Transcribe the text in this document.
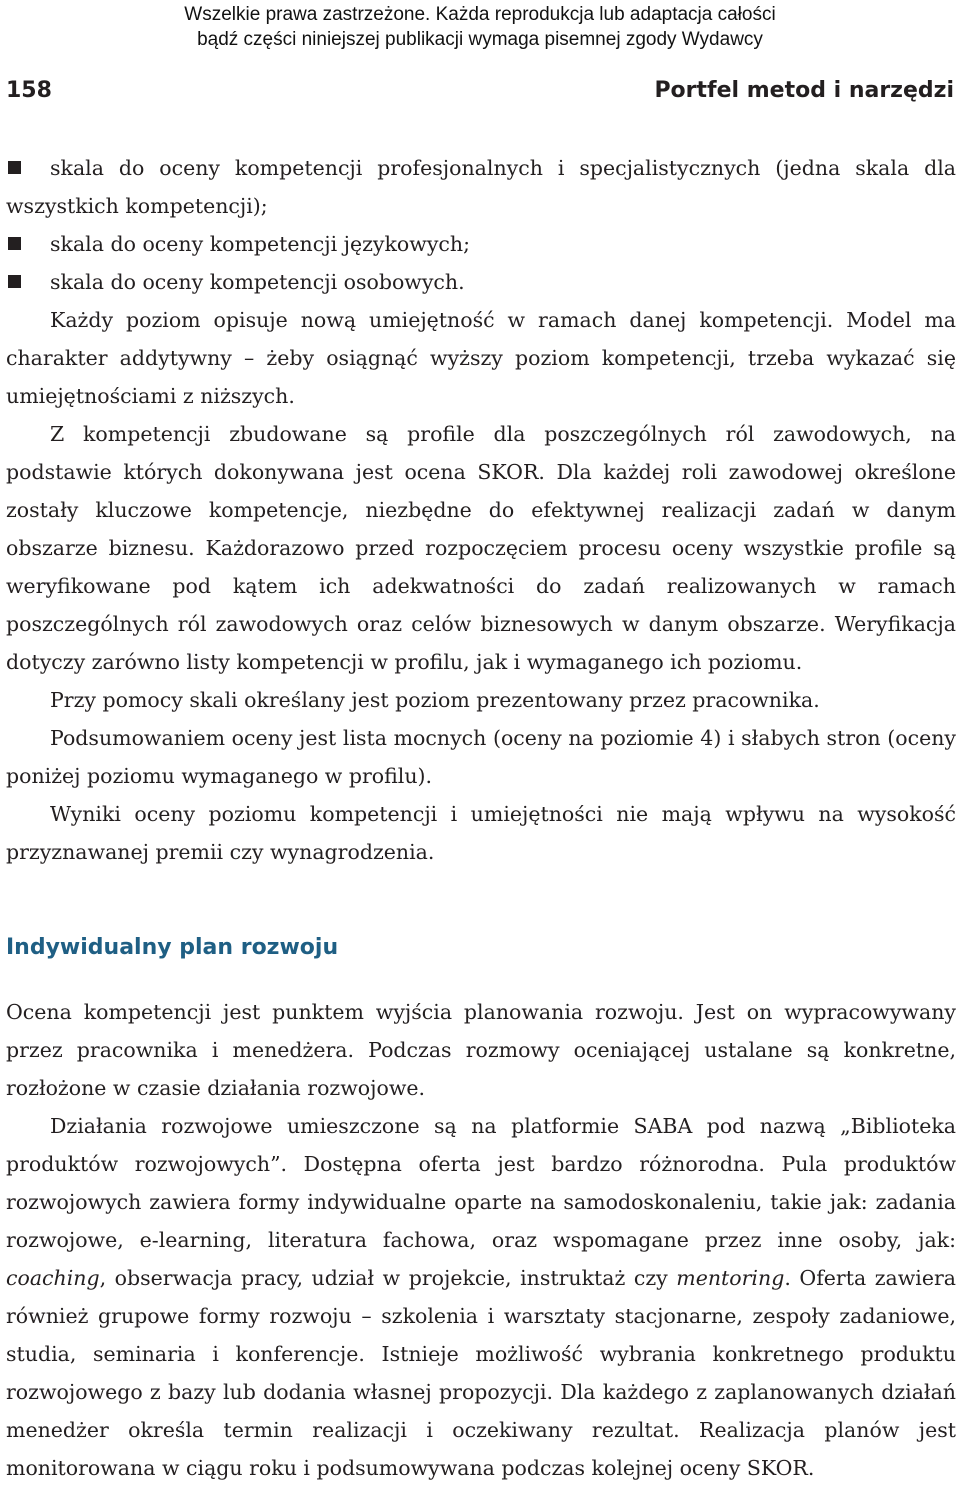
Wszelkie prawa zastrzeżone. Każda reprodukcja lub adaptacja całości
bądź części niniejszej publikacji wymaga pisemnej zgody Wydawcy
158	Portfel metod i narzędzi
skala do oceny kompetencji profesjonalnych i specjalistycznych (jedna skala dla wszystkich kompetencji);
skala do oceny kompetencji językowych;
skala do oceny kompetencji osobowych.

Każdy poziom opisuje nową umiejętność w ramach danej kompetencji. Model ma charakter addytywny – żeby osiągnąć wyższy poziom kompetencji, trzeba wykazać się umiejętnościami z niższych.

Z kompetencji zbudowane są profile dla poszczególnych ról zawodowych, na podstawie których dokonywana jest ocena SKOR. Dla każdej roli zawodowej określone zostały kluczowe kompetencje, niezbędne do efektywnej realizacji zadań w danym obszarze biznesu. Każdorazowo przed rozpoczęciem procesu oceny wszystkie profile są weryfikowane pod kątem ich adekwatności do zadań realizowanych w ramach poszczególnych ról zawodowych oraz celów biznesowych w danym obszarze. Weryfikacja dotyczy zarówno listy kompetencji w profilu, jak i wymaganego ich poziomu.

Przy pomocy skali określany jest poziom prezentowany przez pracownika.

Podsumowaniem oceny jest lista mocnych (oceny na poziomie 4) i słabych stron (oceny poniżej poziomu wymaganego w profilu).

Wyniki oceny poziomu kompetencji i umiejętności nie mają wpływu na wysokość przyznawanej premii czy wynagrodzenia.

Indywidualny plan rozwoju

Ocena kompetencji jest punktem wyjścia planowania rozwoju. Jest on wypracowywany przez pracownika i menedżera. Podczas rozmowy oceniającej ustalane są konkretne, rozłożone w czasie działania rozwojowe.

Działania rozwojowe umieszczone są na platformie SABA pod nazwą „Biblioteka produktów rozwojowych”. Dostępna oferta jest bardzo różnorodna. Pula produktów rozwojowych zawiera formy indywidualne oparte na samodoskonaleniu, takie jak: zadania rozwojowe, e-learning, literatura fachowa, oraz wspomagane przez inne osoby, jak: coaching, obserwacja pracy, udział w projekcie, instruktaż czy mentoring. Oferta zawiera również grupowe formy rozwoju – szkolenia i warsztaty stacjonarne, zespoły zadaniowe, studia, seminaria i konferencje. Istnieje możliwość wybrania konkretnego produktu rozwojowego z bazy lub dodania własnej propozycji. Dla każdego z zaplanowanych działań menedżer określa termin realizacji i oczekiwany rezultat. Realizacja planów jest monitorowana w ciągu roku i podsumowywana podczas kolejnej oceny SKOR.
